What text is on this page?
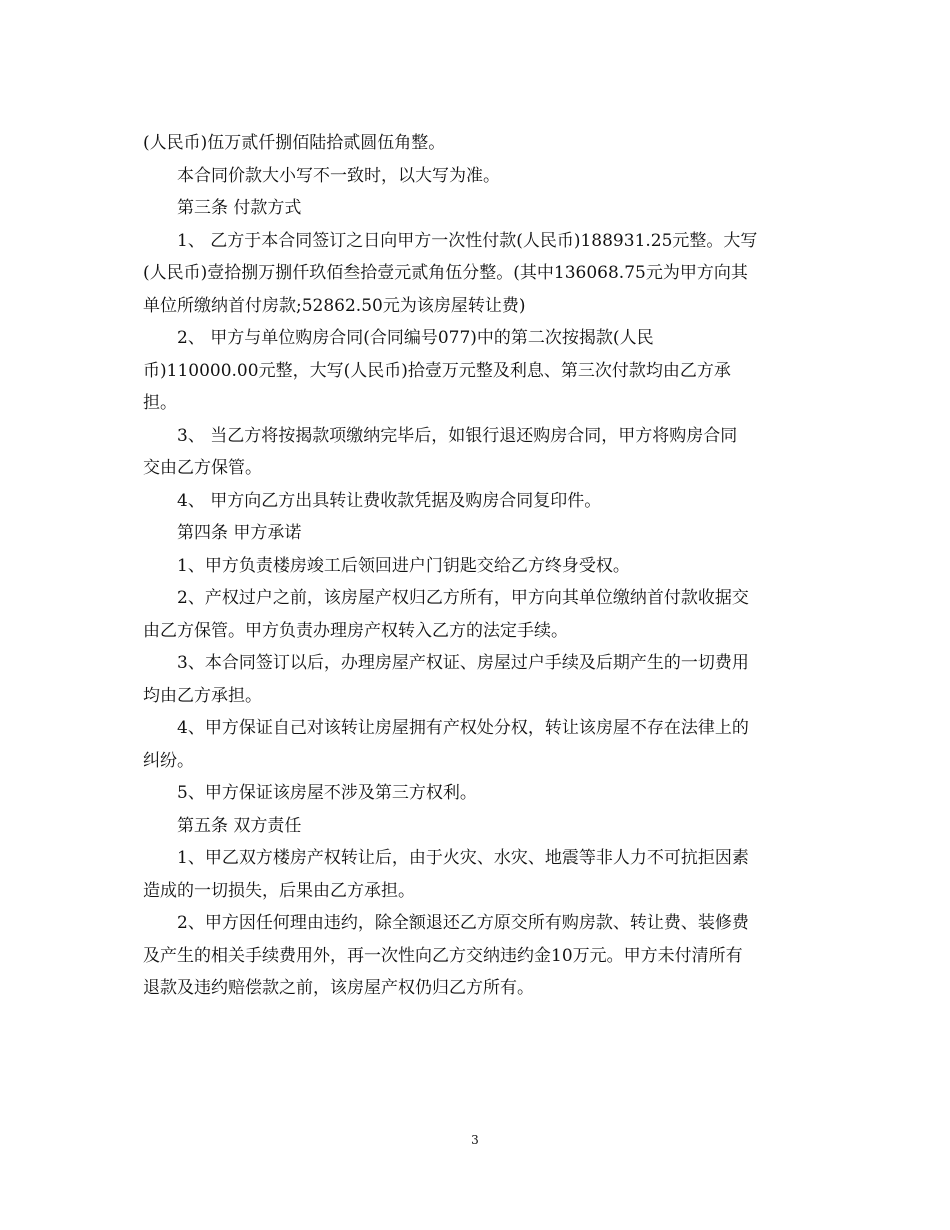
(人民币)伍万贰仟捌佰陆拾贰圆伍角整。

本合同价款大小写不一致时，以大写为准。

第三条 付款方式

1、 乙方于本合同签订之日向甲方一次性付款(人民币)188931.25元整。大写

(人民币)壹拾捌万捌仟玖佰叁拾壹元贰角伍分整。(其中136068.75元为甲方向其

单位所缴纳首付房款;52862.50元为该房屋转让费)

2、 甲方与单位购房合同(合同编号077)中的第二次按揭款(人民

币)110000.00元整，大写(人民币)拾壹万元整及利息、第三次付款均由乙方承

担。

3、 当乙方将按揭款项缴纳完毕后，如银行退还购房合同，甲方将购房合同

交由乙方保管。

4、 甲方向乙方出具转让费收款凭据及购房合同复印件。

第四条 甲方承诺

1、甲方负责楼房竣工后领回进户门钥匙交给乙方终身受权。

2、产权过户之前，该房屋产权归乙方所有，甲方向其单位缴纳首付款收据交

由乙方保管。甲方负责办理房产权转入乙方的法定手续。

3、本合同签订以后，办理房屋产权证、房屋过户手续及后期产生的一切费用

均由乙方承担。

4、甲方保证自己对该转让房屋拥有产权处分权，转让该房屋不存在法律上的

纠纷。

5、甲方保证该房屋不涉及第三方权利。

第五条 双方责任

1、甲乙双方楼房产权转让后，由于火灾、水灾、地震等非人力不可抗拒因素

造成的一切损失，后果由乙方承担。

2、甲方因任何理由违约，除全额退还乙方原交所有购房款、转让费、装修费

及产生的相关手续费用外，再一次性向乙方交纳违约金10万元。甲方未付清所有

退款及违约赔偿款之前，该房屋产权仍归乙方所有。

3
